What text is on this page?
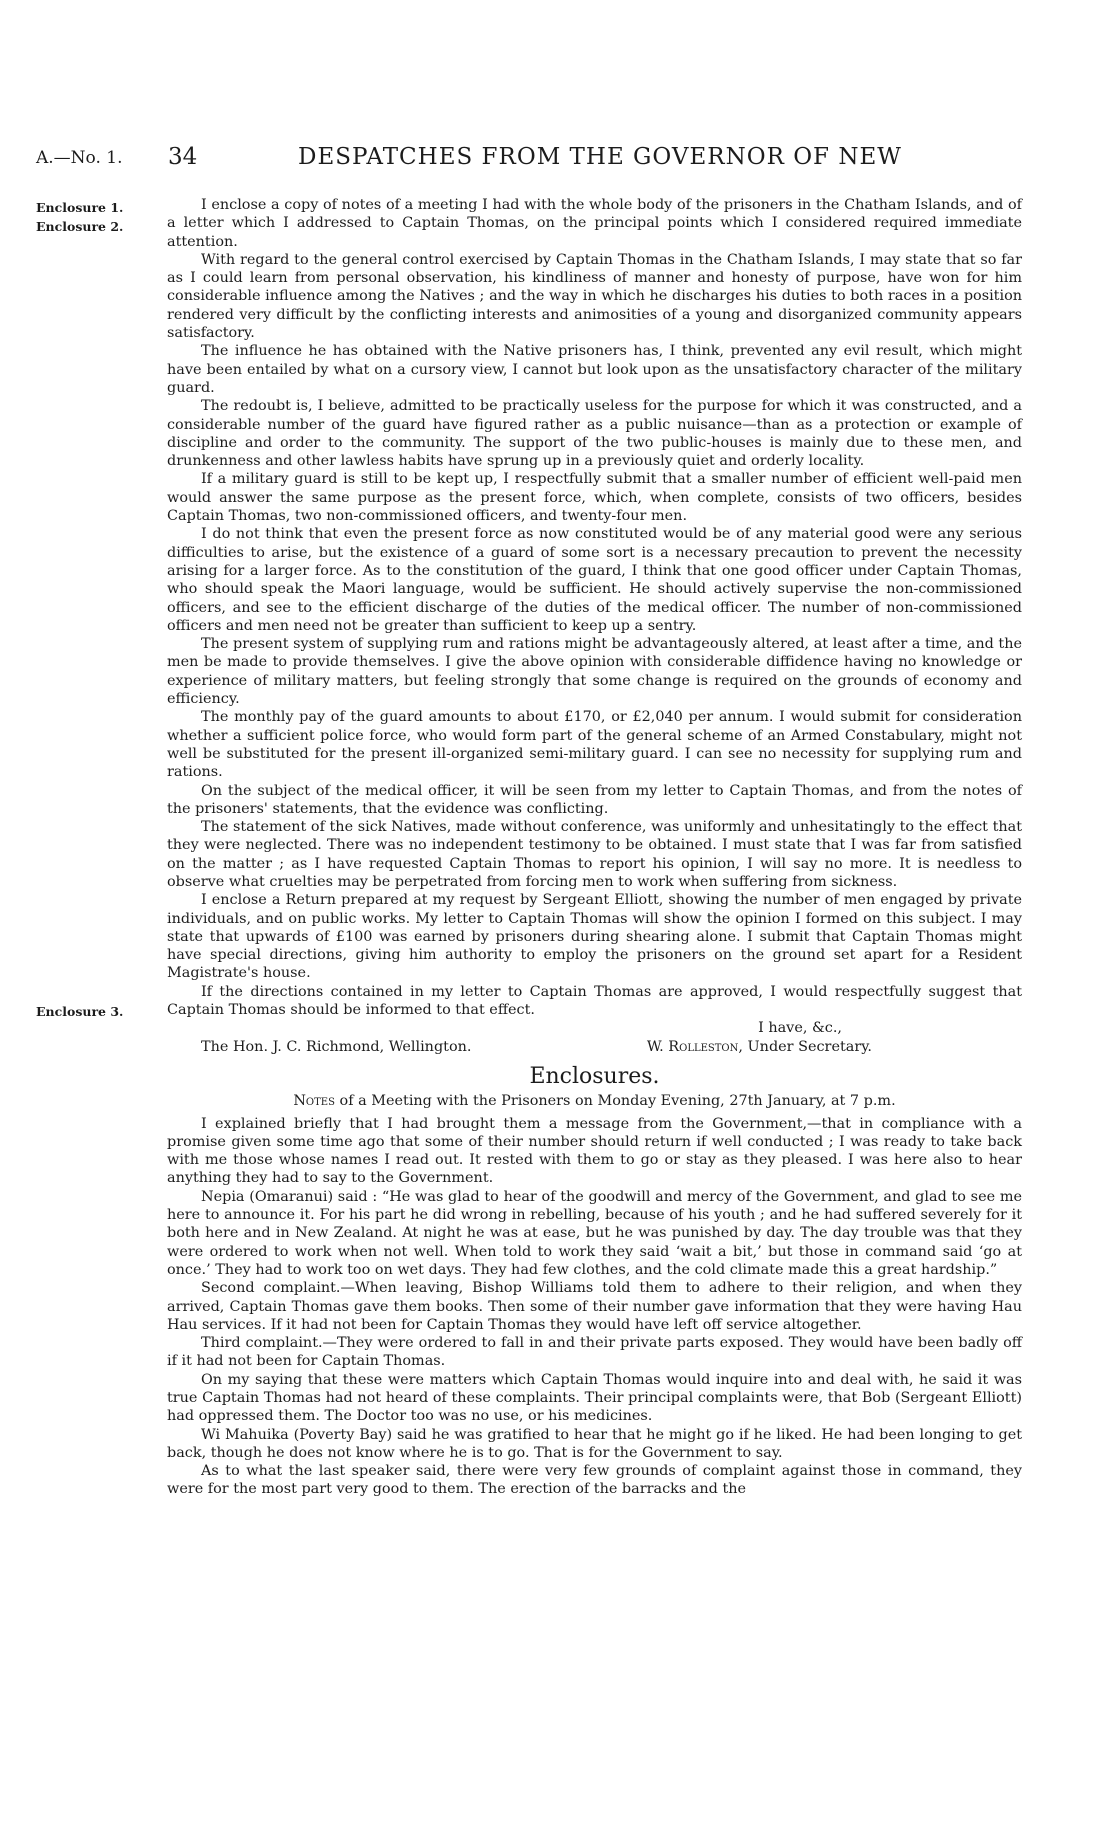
A.—No. 1. 34	DESPATCHES FROM THE GOVERNOR OF NEW
Enclosure 1.
Enclosure 2.
Enclosure 3.

I enclose a copy of notes of a meeting I had with the whole body of the prisoners in the Chatham Islands, and of a letter which I addressed to Captain Thomas, on the principal points which I considered required immediate attention.

With regard to the general control exercised by Captain Thomas in the Chatham Islands, I may state that so far as I could learn from personal observation, his kindliness of manner and honesty of purpose, have won for him considerable influence among the Natives ; and the way in which he discharges his duties to both races in a position rendered very difficult by the conflicting interests and animosities of a young and disorganized community appears satisfactory.

The influence he has obtained with the Native prisoners has, I think, prevented any evil result, which might have been entailed by what on a cursory view, I cannot but look upon as the unsatisfactory character of the military guard.

The redoubt is, I believe, admitted to be practically useless for the purpose for which it was constructed, and a considerable number of the guard have figured rather as a public nuisance—than as a protection or example of discipline and order to the community. The support of the two public-houses is mainly due to these men, and drunkenness and other lawless habits have sprung up in a previously quiet and orderly locality.

If a military guard is still to be kept up, I respectfully submit that a smaller number of efficient well-paid men would answer the same purpose as the present force, which, when complete, consists of two officers, besides Captain Thomas, two non-commissioned officers, and twenty-four men.

I do not think that even the present force as now constituted would be of any material good were any serious difficulties to arise, but the existence of a guard of some sort is a necessary precaution to prevent the necessity arising for a larger force. As to the constitution of the guard, I think that one good officer under Captain Thomas, who should speak the Maori language, would be sufficient. He should actively supervise the non-commissioned officers, and see to the efficient discharge of the duties of the medical officer. The number of non-commissioned officers and men need not be greater than sufficient to keep up a sentry.

The present system of supplying rum and rations might be advantageously altered, at least after a time, and the men be made to provide themselves. I give the above opinion with considerable diffidence having no knowledge or experience of military matters, but feeling strongly that some change is required on the grounds of economy and efficiency.

The monthly pay of the guard amounts to about £170, or £2,040 per annum. I would submit for consideration whether a sufficient police force, who would form part of the general scheme of an Armed Constabulary, might not well be substituted for the present ill-organized semi-military guard. I can see no necessity for supplying rum and rations.

On the subject of the medical officer, it will be seen from my letter to Captain Thomas, and from the notes of the prisoners' statements, that the evidence was conflicting.

The statement of the sick Natives, made without conference, was uniformly and unhesitatingly to the effect that they were neglected. There was no independent testimony to be obtained. I must state that I was far from satisfied on the matter ; as I have requested Captain Thomas to report his opinion, I will say no more. It is needless to observe what cruelties may be perpetrated from forcing men to work when suffering from sickness.

I enclose a Return prepared at my request by Sergeant Elliott, showing the number of men engaged by private individuals, and on public works. My letter to Captain Thomas will show the opinion I formed on this subject. I may state that upwards of £100 was earned by prisoners during shearing alone. I submit that Captain Thomas might have special directions, giving him authority to employ the prisoners on the ground set apart for a Resident Magistrate's house.

If the directions contained in my letter to Captain Thomas are approved, I would respectfully suggest that Captain Thomas should be informed to that effect.

I have, &c.,

The Hon. J. C. Richmond, Wellington.	W. Rolleston, Under Secretary.
Enclosures.
Notes of a Meeting with the Prisoners on Monday Evening, 27th January, at 7 p.m.

I explained briefly that I had brought them a message from the Government,—that in compliance with a promise given some time ago that some of their number should return if well conducted ; I was ready to take back with me those whose names I read out. It rested with them to go or stay as they pleased. I was here also to hear anything they had to say to the Government.

Nepia (Omaranui) said : “He was glad to hear of the goodwill and mercy of the Government, and glad to see me here to announce it. For his part he did wrong in rebelling, because of his youth ; and he had suffered severely for it both here and in New Zealand. At night he was at ease, but he was punished by day. The day trouble was that they were ordered to work when not well. When told to work they said ‘wait a bit,’ but those in command said ‘go at once.’ They had to work too on wet days. They had few clothes, and the cold climate made this a great hardship.”

Second complaint.—When leaving, Bishop Williams told them to adhere to their religion, and when they arrived, Captain Thomas gave them books. Then some of their number gave information that they were having Hau Hau services. If it had not been for Captain Thomas they would have left off service altogether.

Third complaint.—They were ordered to fall in and their private parts exposed. They would have been badly off if it had not been for Captain Thomas.

On my saying that these were matters which Captain Thomas would inquire into and deal with, he said it was true Captain Thomas had not heard of these complaints. Their principal complaints were, that Bob (Sergeant Elliott) had oppressed them. The Doctor too was no use, or his medicines.

Wi Mahuika (Poverty Bay) said he was gratified to hear that he might go if he liked. He had been longing to get back, though he does not know where he is to go. That is for the Government to say.

As to what the last speaker said, there were very few grounds of complaint against those in command, they were for the most part very good to them. The erection of the barracks and the
